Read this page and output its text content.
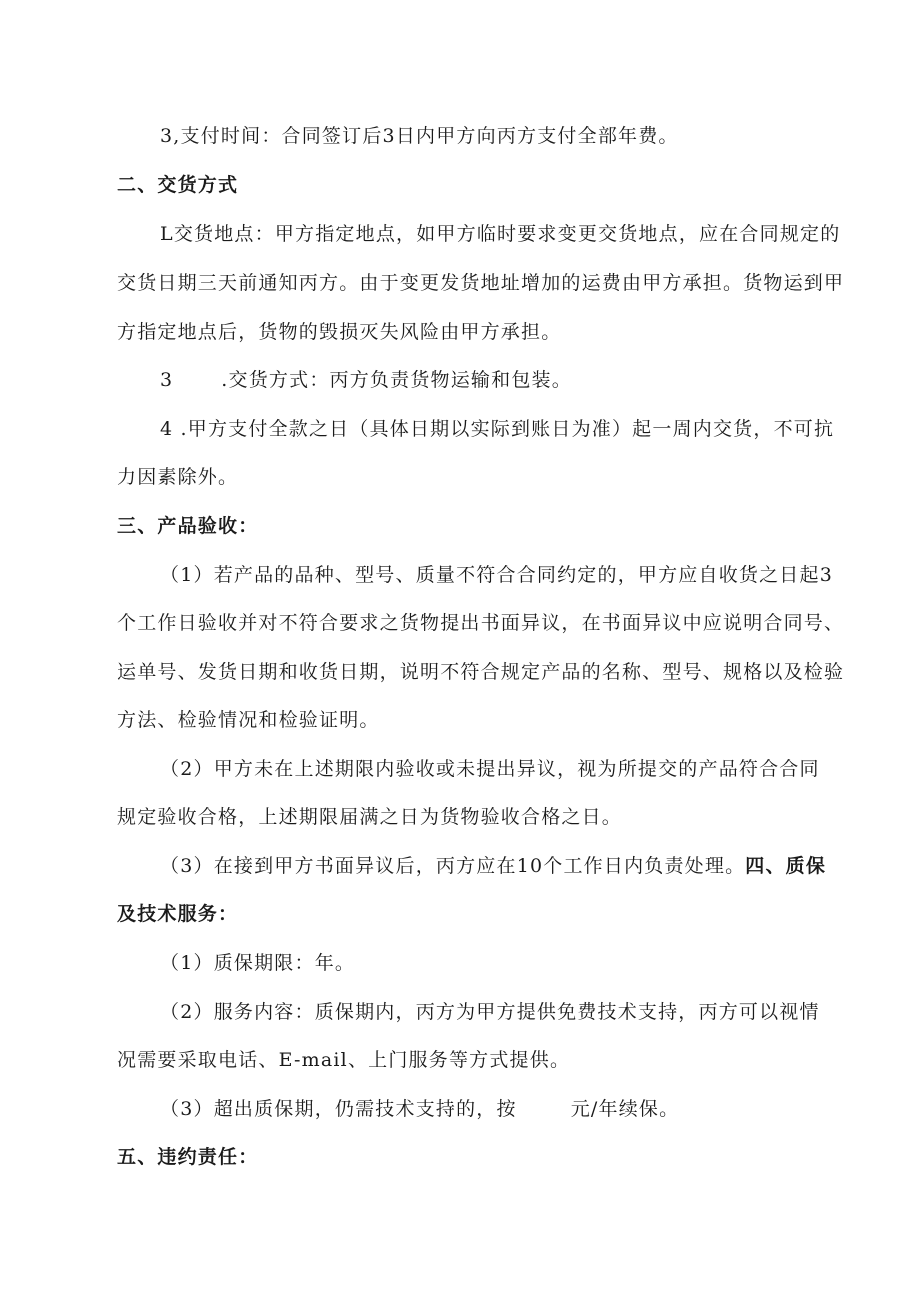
3,支付时间：合同签订后3日内甲方向丙方支付全部年费。
二、交货方式
L交货地点：甲方指定地点，如甲方临时要求变更交货地点，应在合同规定的
交货日期三天前通知丙方。由于变更发货地址增加的运费由甲方承担。货物运到甲
方指定地点后，货物的毁损灭失风险由甲方承担。
3	.交货方式：丙方负责货物运输和包装。
4 .甲方支付全款之日（具体日期以实际到账日为准）起一周内交货，不可抗
力因素除外。
三、产品验收：
（1）若产品的品种、型号、质量不符合合同约定的，甲方应自收货之日起3
个工作日验收并对不符合要求之货物提出书面异议，在书面异议中应说明合同号、
运单号、发货日期和收货日期，说明不符合规定产品的名称、型号、规格以及检验
方法、检验情况和检验证明。
（2）甲方未在上述期限内验收或未提出异议，视为所提交的产品符合合同
规定验收合格，上述期限届满之日为货物验收合格之日。
（3）在接到甲方书面异议后，丙方应在10个工作日内负责处理。四、质保
及技术服务：
（1）质保期限：年。
（2）服务内容：质保期内，丙方为甲方提供免费技术支持，丙方可以视情
况需要采取电话、E-mail、上门服务等方式提供。
（3）超出质保期，仍需技术支持的，按	元/年续保。
五、违约责任：
